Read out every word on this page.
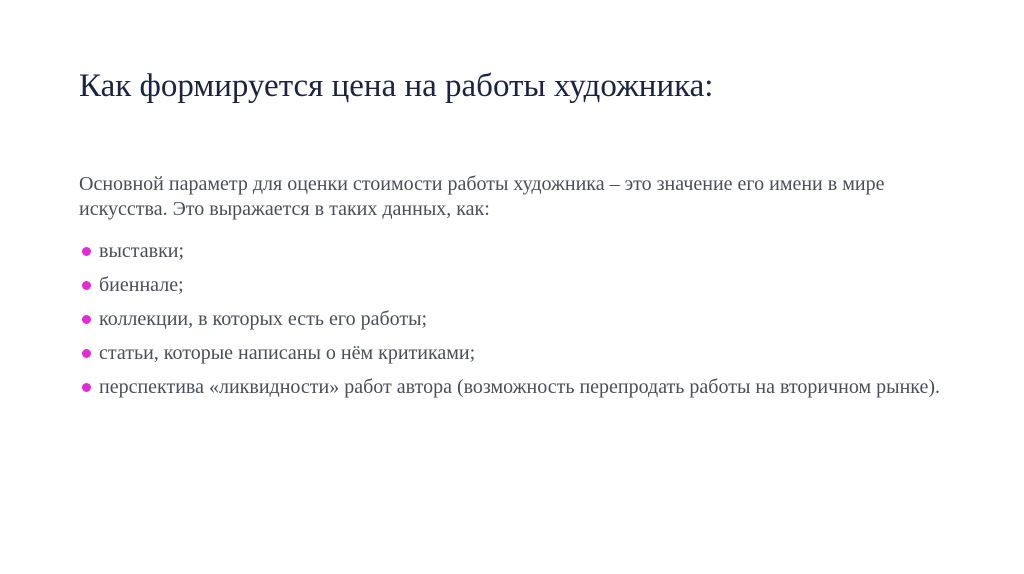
Как формируется цена на работы художника:
Основной параметр для оценки стоимости работы художника – это значение его имени в мире искусства. Это выражается в таких данных, как:
выставки;
биеннале;
коллекции, в которых есть его работы;
статьи, которые написаны о нём критиками;
перспектива «ликвидности» работ автора (возможность перепродать работы на вторичном рынке).
